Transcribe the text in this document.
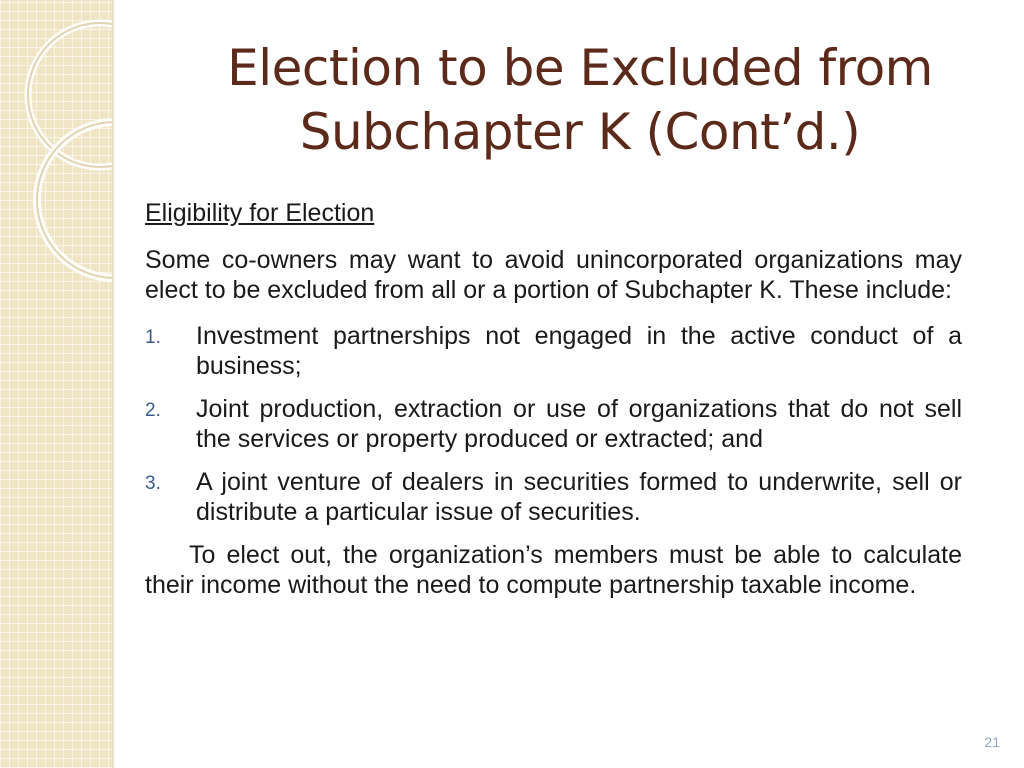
Election to be Excluded from
Subchapter K (Cont’d.)
Eligibility for Election
Some co-owners may want to avoid unincorporated organizations may elect to be excluded from all or a portion of Subchapter K. These include:
1. Investment partnerships not engaged in the active conduct of a business;
2. Joint production, extraction or use of organizations that do not sell the services or property produced or extracted; and
3. A joint venture of dealers in securities formed to underwrite, sell or distribute a particular issue of securities.
To elect out, the organization’s members must be able to calculate their income without the need to compute partnership taxable income.
21
